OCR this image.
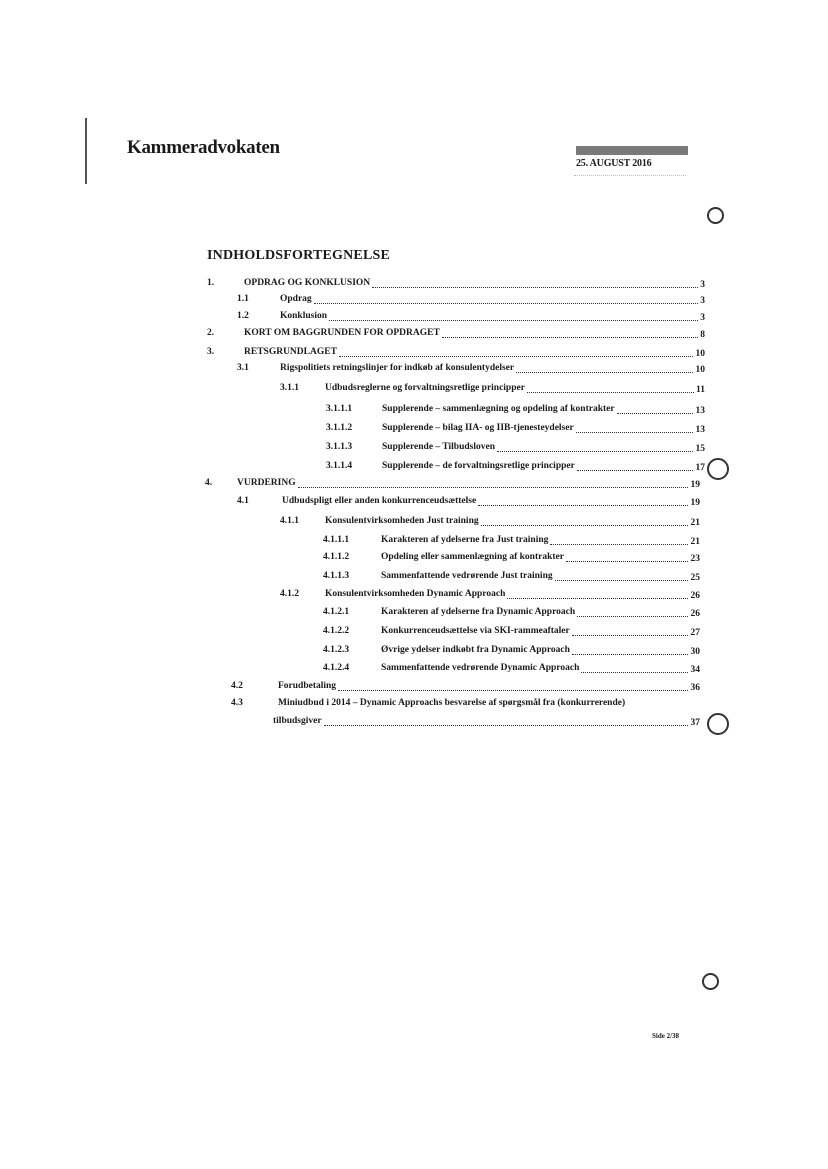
Kammeradvokaten
25. AUGUST 2016
INDHOLDSFORTEGNELSE
1.	OPDRAG OG KONKLUSION	3
1.1	Opdrag	3
1.2	Konklusion	3
2.	KORT OM BAGGRUNDEN FOR OPDRAGET	8
3.	RETSGRUNDLAGET	10
3.1	Rigspolitiets retningslinjer for indkøb af konsulentydelser	10
3.1.1	Udbudsreglerne og forvaltningsretlige principper	11
3.1.1.1	Supplerende – sammenlægning og opdeling af kontrakter	13
3.1.1.2	Supplerende – bilag IIA- og IIB-tjenesteydelser	13
3.1.1.3	Supplerende – Tilbudsloven	15
3.1.1.4	Supplerende – de forvaltningsretlige principper	17
4.	VURDERING	19
4.1	Udbudspligt eller anden konkurrenceudsættelse	19
4.1.1	Konsulentvirksomheden Just training	21
4.1.1.1	Karakteren af ydelserne fra Just training	21
4.1.1.2	Opdeling eller sammenlægning af kontrakter	23
4.1.1.3	Sammenfattende vedrørende Just training	25
4.1.2	Konsulentvirksomheden Dynamic Approach	26
4.1.2.1	Karakteren af ydelserne fra Dynamic Approach	26
4.1.2.2	Konkurrenceudsættelse via SKI-rammeaftaler	27
4.1.2.3	Øvrige ydelser indkøbt fra Dynamic Approach	30
4.1.2.4	Sammenfattende vedrørende Dynamic Approach	34
4.2	Forudbetaling	36
4.3	Miniudbud i 2014 – Dynamic Approachs besvarelse af spørgsmål fra (konkurrerende)
tilbudsgiver	37
Side 2/38
